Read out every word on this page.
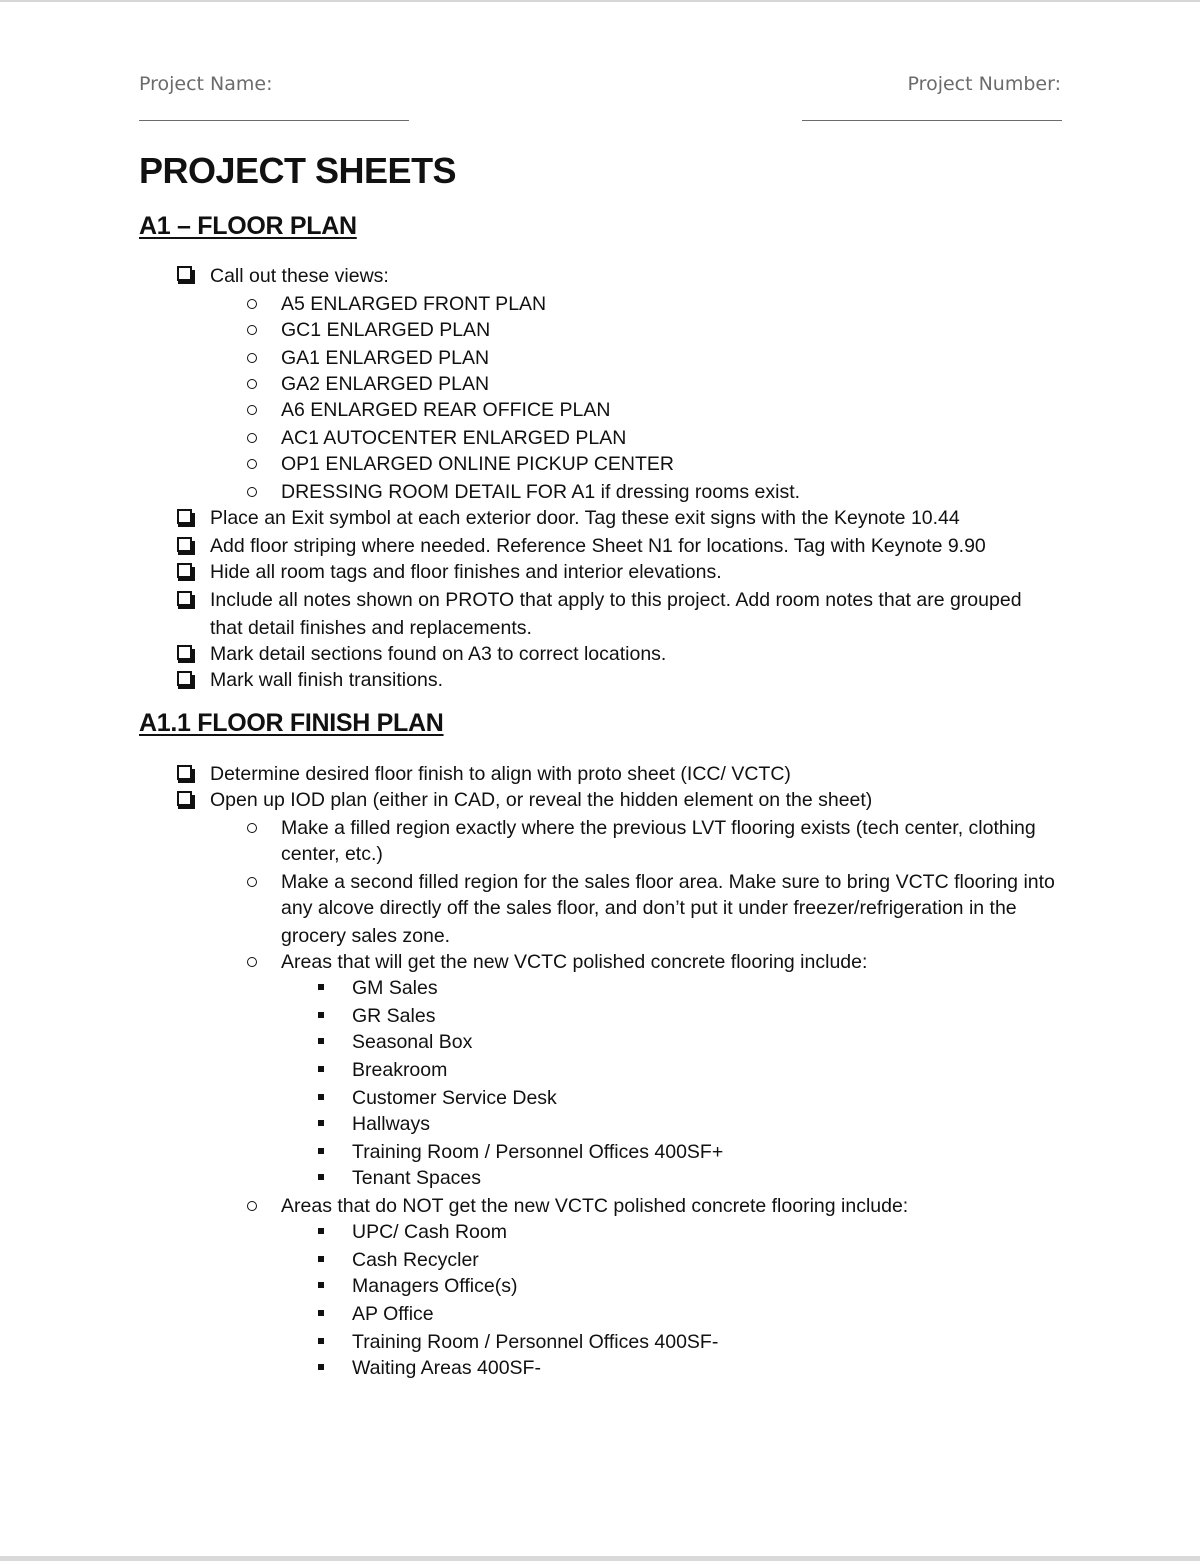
Project Name:	Project Number:
PROJECT SHEETS
A1 – FLOOR PLAN
Call out these views:
A5 ENLARGED FRONT PLAN
GC1 ENLARGED PLAN
GA1 ENLARGED PLAN
GA2 ENLARGED PLAN
A6 ENLARGED REAR OFFICE PLAN
AC1 AUTOCENTER ENLARGED PLAN
OP1 ENLARGED ONLINE PICKUP CENTER
DRESSING ROOM DETAIL FOR A1 if dressing rooms exist.
Place an Exit symbol at each exterior door. Tag these exit signs with the Keynote 10.44
Add floor striping where needed. Reference Sheet N1 for locations. Tag with Keynote 9.90
Hide all room tags and floor finishes and interior elevations.
Include all notes shown on PROTO that apply to this project. Add room notes that are grouped
that detail finishes and replacements.
Mark detail sections found on A3 to correct locations.
Mark wall finish transitions.
A1.1 FLOOR FINISH PLAN
Determine desired floor finish to align with proto sheet (ICC/ VCTC)
Open up IOD plan (either in CAD, or reveal the hidden element on the sheet)
Make a filled region exactly where the previous LVT flooring exists (tech center, clothing
center, etc.)
Make a second filled region for the sales floor area. Make sure to bring VCTC flooring into
any alcove directly off the sales floor, and don’t put it under freezer/refrigeration in the
grocery sales zone.
Areas that will get the new VCTC polished concrete flooring include:
GM Sales
GR Sales
Seasonal Box
Breakroom
Customer Service Desk
Hallways
Training Room / Personnel Offices 400SF+
Tenant Spaces
Areas that do NOT get the new VCTC polished concrete flooring include:
UPC/ Cash Room
Cash Recycler
Managers Office(s)
AP Office
Training Room / Personnel Offices 400SF-
Waiting Areas 400SF-
